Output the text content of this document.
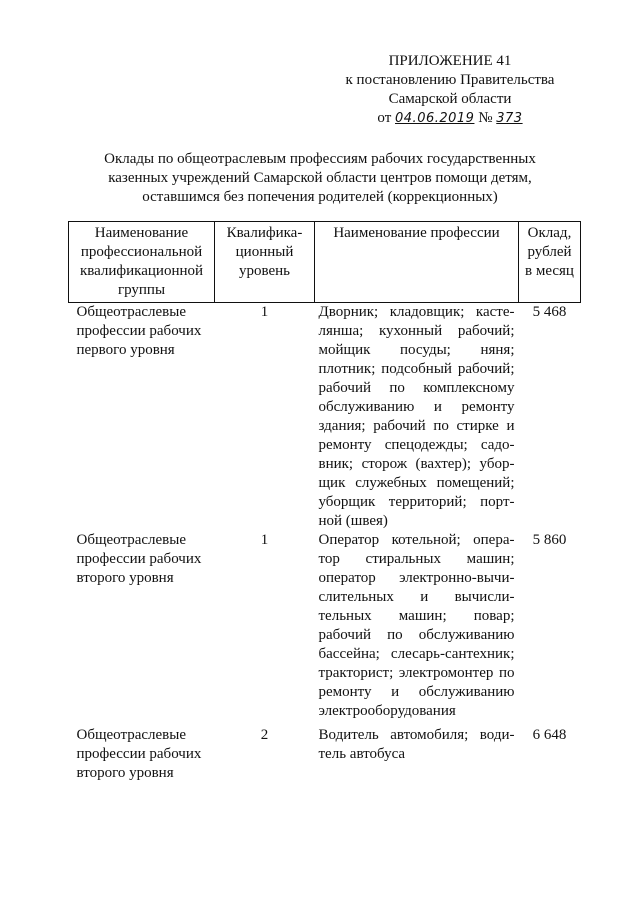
ПРИЛОЖЕНИЕ 41
к постановлению Правительства
Самарской области
от 04.06.2019 № 373
Оклады по общеотраслевым профессиям рабочих государственных
казенных учреждений Самарской области центров помощи детям,
оставшимся без попечения родителей (коррекционных)
Наименование профессиональной квалификационной группы	Квалифика- ционный уровень	Наименование профессии	Оклад, рублей в месяц
Общеотраслевые профессии рабочих первого уровня	1	Дворник; кладовщик; касте- лянша; кухонный рабочий; мойщик посуды; няня; плотник; подсобный рабочий; рабочий по комплексному обслуживанию и ремонту здания; рабочий по стирке и ремонту спецодежды; садо- вник; сторож (вахтер); убор- щик служебных помещений; уборщик территорий; порт- ной (швея)	5 468
Общеотраслевые профессии рабочих второго уровня	1	Оператор котельной; опера- тор стиральных машин; оператор электронно-вычи- слительных и вычисли- тельных машин; повар; рабочий по обслуживанию бассейна; слесарь-сантехник; тракторист; электромонтер по ремонту и обслуживанию электрооборудования	5 860
Общеотраслевые профессии рабочих второго уровня	2	Водитель автомобиля; води- тель автобуса	6 648
